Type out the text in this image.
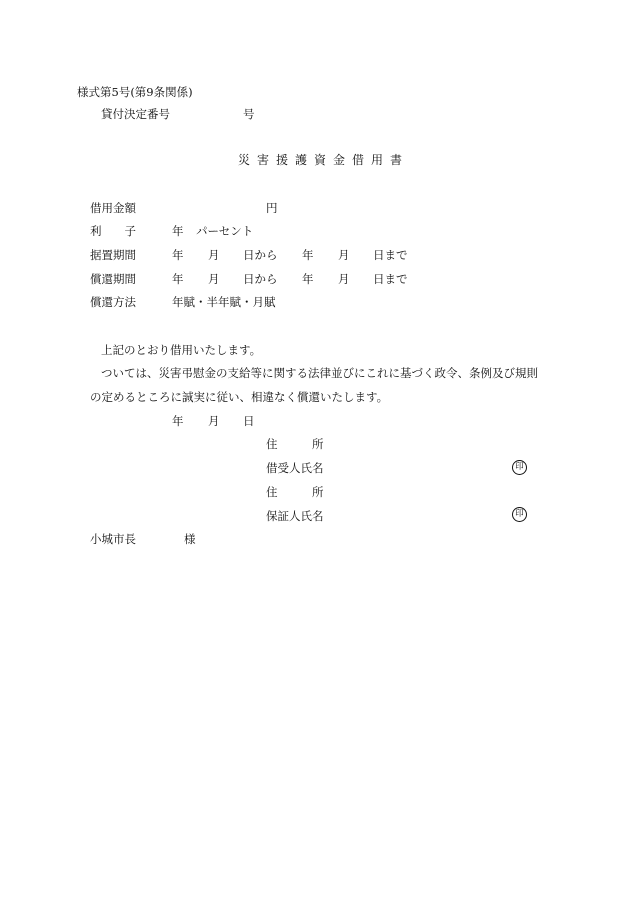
様式第5号(第9条関係)
貸付決定番号	号
災害援護資金借用書
借用金額	円
利　　子	年 パーセント
据置期間	年 月 日から 年 月 日まで
償還期間	年 月 日から 年 月 日まで
償還方法	年賦・半年賦・月賦
上記のとおり借用いたします。
ついては、災害弔慰金の支給等に関する法律並びにこれに基づく政令、条例及び規則
の定めるところに誠実に従い、相違なく償還いたします。
年 月 日
住　　　所
借受人氏名	印
住　　　所
保証人氏名	印
小城市長	様
